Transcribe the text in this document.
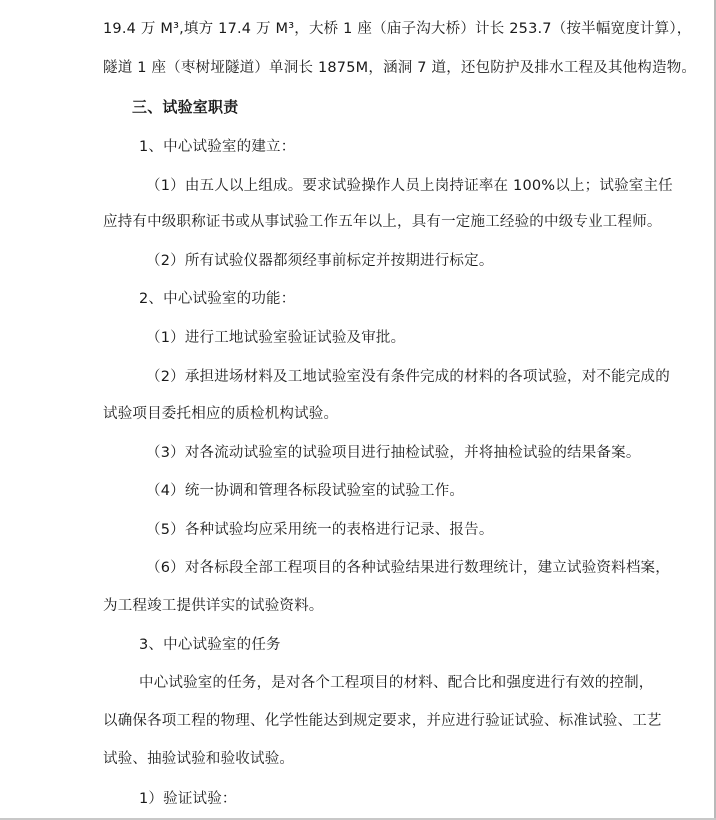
19.4 万 M³,填方 17.4 万 M³，大桥 1 座（庙子沟大桥）计长 253.7（按半幅宽度计算），
隧道 1 座（枣树垭隧道）单洞长 1875M，涵洞 7 道，还包防护及排水工程及其他构造物。
三、试验室职责
1、中心试验室的建立：
（1）由五人以上组成。要求试验操作人员上岗持证率在 100%以上；试验室主任
应持有中级职称证书或从事试验工作五年以上，具有一定施工经验的中级专业工程师。
（2）所有试验仪器都须经事前标定并按期进行标定。
2、中心试验室的功能：
（1）进行工地试验室验证试验及审批。
（2）承担进场材料及工地试验室没有条件完成的材料的各项试验，对不能完成的
试验项目委托相应的质检机构试验。
（3）对各流动试验室的试验项目进行抽检试验，并将抽检试验的结果备案。
（4）统一协调和管理各标段试验室的试验工作。
（5）各种试验均应采用统一的表格进行记录、报告。
（6）对各标段全部工程项目的各种试验结果进行数理统计，建立试验资料档案，
为工程竣工提供详实的试验资料。
3、中心试验室的任务
中心试验室的任务，是对各个工程项目的材料、配合比和强度进行有效的控制，
以确保各项工程的物理、化学性能达到规定要求，并应进行验证试验、标准试验、工艺
试验、抽验试验和验收试验。
1）验证试验：
